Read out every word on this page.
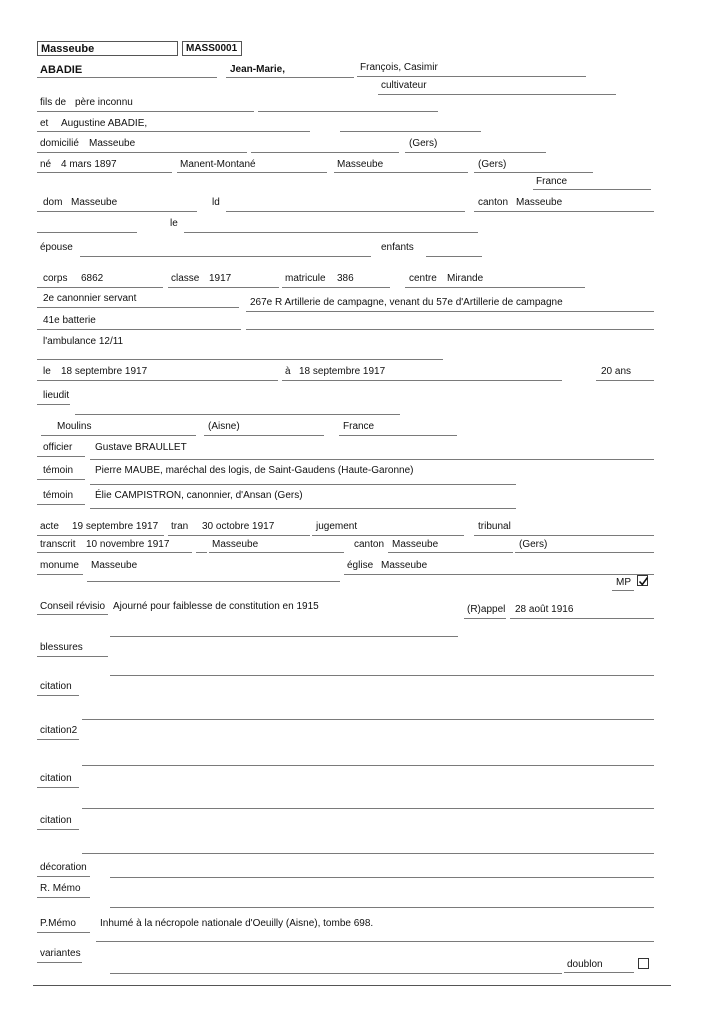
Masseube	MASS0001
ABADIE	Jean-Marie,	François, Casimir
cultivateur
fils de père inconnu
et Augustine ABADIE,
domicilié Masseube	(Gers)
né 4 mars 1897	Manent-Montané	Masseube	(Gers)
France
dom Masseube	ld	canton Masseube
le
épouse	enfants
corps 6862	classe 1917	matricule 386	centre Mirande
2e canonnier servant	267e R Artillerie de campagne, venant du 57e d'Artillerie de campagne
41e batterie
l'ambulance 12/11
le 18 septembre 1917	à 18 septembre 1917	20 ans
lieudit
Moulins	(Aisne)	France
officier Gustave BRAULLET
témoin Pierre MAUBE, maréchal des logis, de Saint-Gaudens (Haute-Garonne)
témoin Élie CAMPISTRON, canonnier, d'Ansan (Gers)
acte 19 septembre 1917 tran 30 octobre 1917	jugement	tribunal
transcrit 10 novembre 1917	Masseube	canton Masseube	(Gers)
monume Masseube	église Masseube
MP
Conseil révisio Ajourné pour faiblesse de constitution en 1915	(R)appel 28 août 1916
blessures
citation
citation2
citation
citation
décoration
R. Mémo
P.Mémo Inhumé à la nécropole nationale d'Oeuilly (Aisne), tombe 698.
variantes
doublon
